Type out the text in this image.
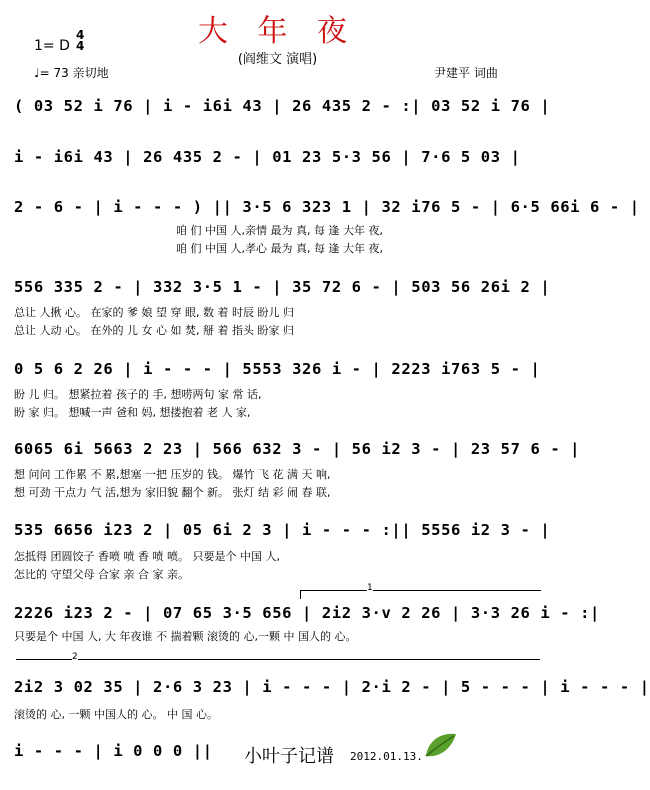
大 年 夜
(阎维文 演唱)
1= D
4
4
♩= 73 亲切地	尹建平 词曲
( 03 52 i 76 | i - i6i 43 | 26 435 2 - :| 03 52 i 76 |
i - i6i 43 | 26 435 2 - | 01 23 5·3 56 | 7·6 5 03 |
2 - 6 - | i - - - ) || 3·5 6 323 1 | 32 i76 5 - | 6·5 66i 6 - |
咱 们 中国 人,亲情 最为 真, 每 逢 大年 夜,
咱 们 中国 人,孝心 最为 真, 每 逢 大年 夜,
556 335 2 - | 332 3·5 1 - | 35 72 6 - | 503 56 26i 2 |
总让 人揪 心。 在家的 爹 娘 望 穿 眼, 数 着 时辰 盼儿 归
总让 人动 心。 在外的 儿 女 心 如 焚, 掰 着 指头 盼家 归
0 5 6 2 26 | i - - - | 5553 326 i - | 2223 i763 5 - |
盼 儿 归。 想紧拉着 孩子的 手, 想唠两句 家 常 话,
盼 家 归。 想喊一声 爸和 妈, 想搂抱着 老 人 家,
6065 6i 5663 2 23 | 566 632 3 - | 56 i2 3 - | 23 57 6 - |
想 问问 工作累 不 累,想塞 一把 压岁的 钱。 爆竹 飞 花 满 天 响,
想 可劲 干点力 气 活,想为 家旧貌 翻个 新。 张灯 结 彩 闹 春 联,
535 6656 i23 2 | 05 6i 2 3 | i - - - :|| 5556 i2 3 - |
怎抵得 团圆饺子 香喷 喷 香 喷 喷。 只要是个 中国 人,
怎比的 守望父母 合家 亲 合 家 亲。
1
2226 i23 2 - | 07 65 3·5 656 | 2i2 3·v 2 26 | 3·3 26 i - :|
只要是个 中国 人, 大 年夜谁 不 揣着颗 滚烫的 心,一颗 中 国人的 心。
2
2i2 3 02 35 | 2·6 3 23 | i - - - | 2·i 2 - | 5 - - - | i - - - |
滚烫的 心, 一颗 中国人的 心。 中 国 心。
i - - - | i 0 0 0 || 小叶子记谱 2012.01.13.
